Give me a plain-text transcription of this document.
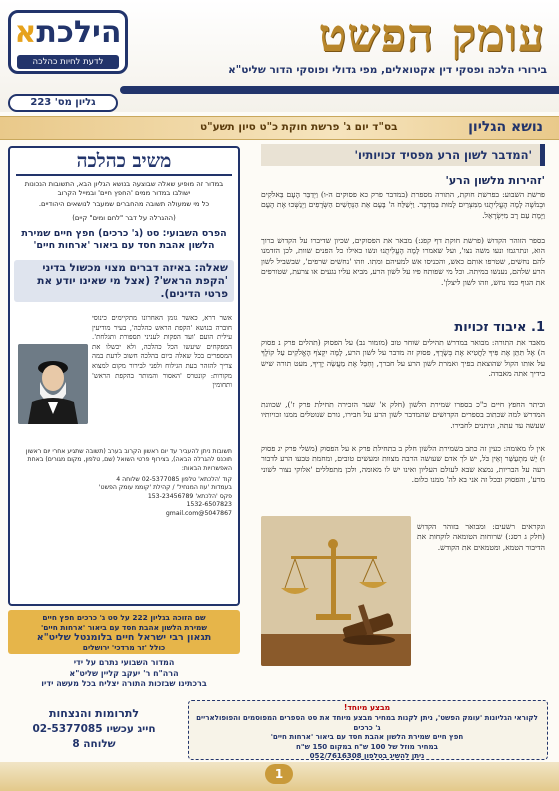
הילכתא
לדעת לחיות כהלכה	עומק הפשט
בירורי הלכה ופסקי דין אקטואלים, מפי גדולי ופוסקי הדור שליט"א
גליון מס' 223
בס"ד יום ג' פרשת חוקת כ"ט סיון תשע"ט	נושא הגליון
'המדבר לשון הרע מפסיד זכויותיו'
'זהירות מלשון הרע'
פרשת השבוע: בפרשת חוקת, התורה מספרת (במדבר פרק כא פסוקים ה-ו) וַיְדַבֵּר הָעָם בֵּאלֹקִים וּבְמֹשֶׁה לָמָה הֶעֱלִיתֻנוּ מִמִּצְרַיִם לָמוּת בַּמִּדְבָּר. וַיְשַׁלַּח ה' בָּעָם אֵת הַנְּחָשִׁים הַשְּׂרָפִים וַיְנַשְּׁכוּ אֶת הָעָם וַיָּמָת עַם רָב מִיִּשְׂרָאֵל.
בספר הזוהר הקדוש (פרשת חוקת דף קפג:) מבאר את הפסוקים, שכיון שדיברו על הקדוש ברוך הוא, ונתרגמו ונעו משה נצו', ועל שאמרו לָמָה הֶעֱלִיתֻנוּ ונשו כאילו כל הפנים שוות, לכן הזדמנו להם נחשים, שטרפו אותם כאש, והכניסו אש למעיהם ומתו. וזהו 'נחשים שרפים', שבשביל לשון הרע שלהם, נענשו במיתה. וכל מי שפותח פיו על לשון הרע, מביא עליו נגעים או צרעת, שטורפים את הגוף כמו נחש, וזהו לשון ליצלן'.
1. איבוד זכויות
מאבד את התורה: מבואר במדרש תהילים שוחר טוב (מזמור נב) על הפסוק (תהלים פרק נ פסוק ה) אֶל תִּתֵּן אֶת פִּיךָ לַחֲטִיא אֶת בְּשָׂרֶךָ, פסוק זה מדבר על לשון הרע, לָמָּה יִקְצֹף הָאֱלֹקִים עַל קוֹלֶךָ על אותו הקול שהוצאת בפיך ואמרת לשון הרע על חברך, וְחִבֵּל אֶת מַעֲשֵׂה יָדֶיךָ, מעט תורה שיש בידיך אתה מאבדה.
וביתר החפץ חיים כ"כ בספרו שמירת הלשון (חלק א' שער הזכירה תחילת פרק ז'), שכוונת המדרש למה שכתוב בספרים הקדושים שהמדבר לשון הרע על חבירו, גורם שנוטלים ממנו זכויותיו שעשה עד עתה, וניתנים לחבירו.
אין לו מאומה: כעין זה כתב בשמירת הלשון חלק ב בתחילת פרק א על הפסוק (משלי פרק יג פסוק ז) יֵשׁ מִתְעַשֵּׁר וְאֵין כֹּל, יש לך אדם שעושה הרבה מצוות ומעשים טובים, ומחמת טבעו הרע לדבור רעה על הבריות, נמצא שבא לעולם העליון ואינו יש לו מאומה, ולכן מתפללים 'אלוקי נצור לשוני מרע', והפסוק ובכל זה אני בא לה' ממנו כלום.
ונקראים רשעים: ומבואר בזוהר הקדוש (חלק ג רסג:) שרוחות הטומאה לוקחות את הדיבור הטמא, ומטמאים את הקודש.
משיב כהלכה
במדור זה מופיע שאלה שבוצעה בנושא הגליון הבא, התשובות הנכונות ישולבו במדור ממים 'החפץ חיים' ובמייל הקרוב
כל מי שמעולה תשובה מהחברים שמעבר לנושאים היהודיים.
(ההגרלה על דבר "לחם ומים" קיים)
הפרס השבועי: סט (ג' כרכים) חפץ חיים שמירת הלשון אהבת חסד עם ביאור 'ארחות חיים'
שאלה: באיזה דברים מצוי מכשול בדיני 'הקפת הראש'? (אצל מי שאינו יודע את פרטי הדינים).
אשר דרא, כאשר גזמן האחרונו מתקיימים כינוסי חוברה בנושא 'הקפת הראש כהלכה', בעיר מודיעין עילית הועם 'ועד הפקות לעניני תספורת ותגלחת'. המפקחים שיעשו הכל כהלכה, ולא יכשלו את המספרים בכל שאלה כיום בהלכה חשוב לדעת במה צריך להזהר בעת הגילוח ולפני לבירור מקום למצוא מקורות: קונטרס 'האסור והמותר בהקפת הראש' ותחומין
תשובות ניתן להעביר עד יום ראשון הקרוב בערב (תשובה שתגיע אחרי יום ראשון תוכנס להגרלה הבאה), בצירוף פרטי השואל (שם, טלפון, מקום מגורים) באחת האפשרויות הבאות:
קוד 'הלכתא' טלפון 02-5377085 שלוחה 4
בעמדות 'עוז המנחיל' / קהילת 'קוממ עומק הפשט'
פקס 'הלכתא' 153-23456789
1532-6507823
5047867@gmail.com
שם הזוכה בגליון 222 על סט ג' כרכים חפץ חיים
שמירת הלשון אהבת חסד עם ביאור 'ארחות חיים'
תגאון רבי ישראל חיים בלומנטל שליט"א
כולל 'זר מרדכי' ירושלים
המדור השבועי נתרם על ידי
הרה"ח ר' יעקב קליין שליט"א
ברכתינו שבזכות התורה יצליח בכל מעשה ידיו
מבצע מיוחד!
לקוראי הגליונות 'עומק הפשט', ניתן לקנות במחיר מבצע מיוחד את סט הספרים המפוסמים והפופולאריים ג' כרכים
חפץ חיים שמירת הלשון אהבת חסד עם ביאור 'ארחות חיים'
במחיר מוזל של 100 ש"ח במקום 150 ש"ח
ניתן להשיג בטלפון 052/7616308
לתרומות והנצחות
חייג עכשיו 02-5377085
שלוחה 8
1
